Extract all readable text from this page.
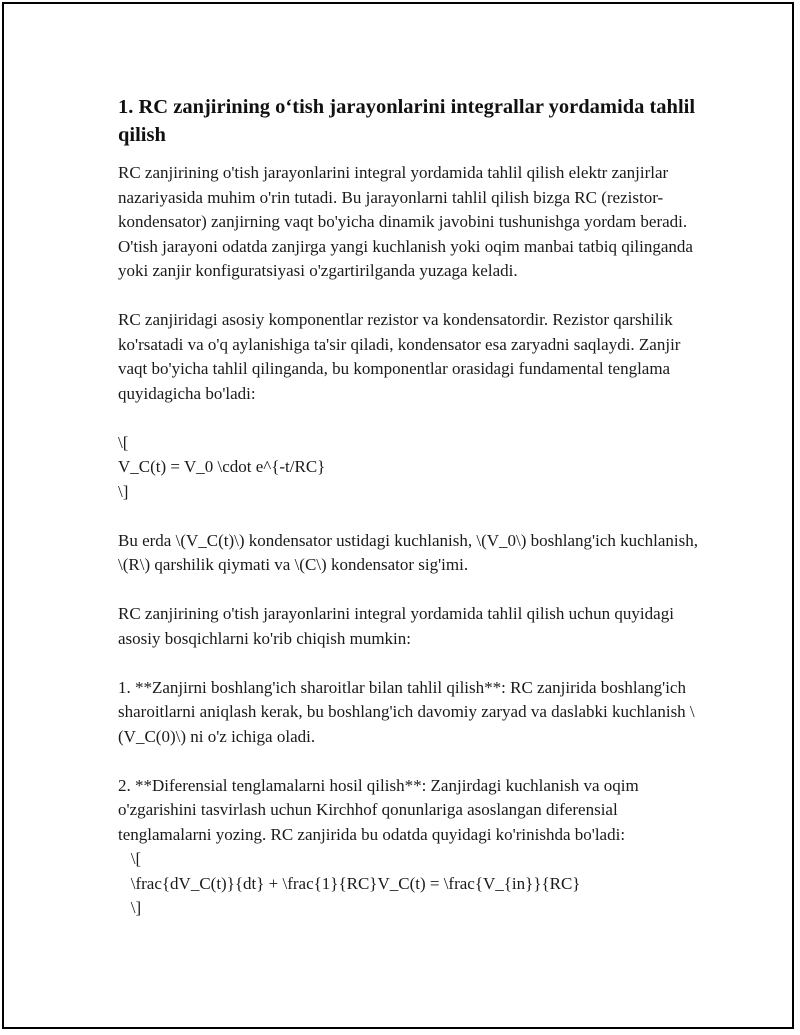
1. RC zanjirining o‘tish jarayonlarini integrallar yordamida tahlil qilish

RC zanjirining o'tish jarayonlarini integral yordamida tahlil qilish elektr zanjirlar nazariyasida muhim o'rin tutadi. Bu jarayonlarni tahlil qilish bizga RC (rezistor-kondensator) zanjirning vaqt bo'yicha dinamik javobini tushunishga yordam beradi. O'tish jarayoni odatda zanjirga yangi kuchlanish yoki oqim manbai tatbiq qilinganda yoki zanjir konfiguratsiyasi o'zgartirilganda yuzaga keladi.

RC zanjiridagi asosiy komponentlar rezistor va kondensatordir. Rezistor qarshilik ko'rsatadi va o'q aylanishiga ta'sir qiladi, kondensator esa zaryadni saqlaydi. Zanjir vaqt bo'yicha tahlil qilinganda, bu komponentlar orasidagi fundamental tenglama quyidagicha bo'ladi:

\[
V_C(t) = V_0 \cdot e^{-t/RC}
\]

Bu erda \(V_C(t)\) kondensator ustidagi kuchlanish, \(V_0\) boshlang'ich kuchlanish, \(R\) qarshilik qiymati va \(C\) kondensator sig'imi.

RC zanjirining o'tish jarayonlarini integral yordamida tahlil qilish uchun quyidagi asosiy bosqichlarni ko'rib chiqish mumkin:

1. **Zanjirni boshlang'ich sharoitlar bilan tahlil qilish**: RC zanjirida boshlang'ich sharoitlarni aniqlash kerak, bu boshlang'ich davomiy zaryad va daslabki kuchlanish \(V_C(0)\) ni o'z ichiga oladi.

2. **Diferensial tenglamalarni hosil qilish**: Zanjirdagi kuchlanish va oqim o'zgarishini tasvirlash uchun Kirchhof qonunlariga asoslangan diferensial tenglamalarni yozing. RC zanjirida bu odatda quyidagi ko'rinishda bo'ladi:

\[
\frac{dV_C(t)}{dt} + \frac{1}{RC}V_C(t) = \frac{V_{in}}{RC}
\]
